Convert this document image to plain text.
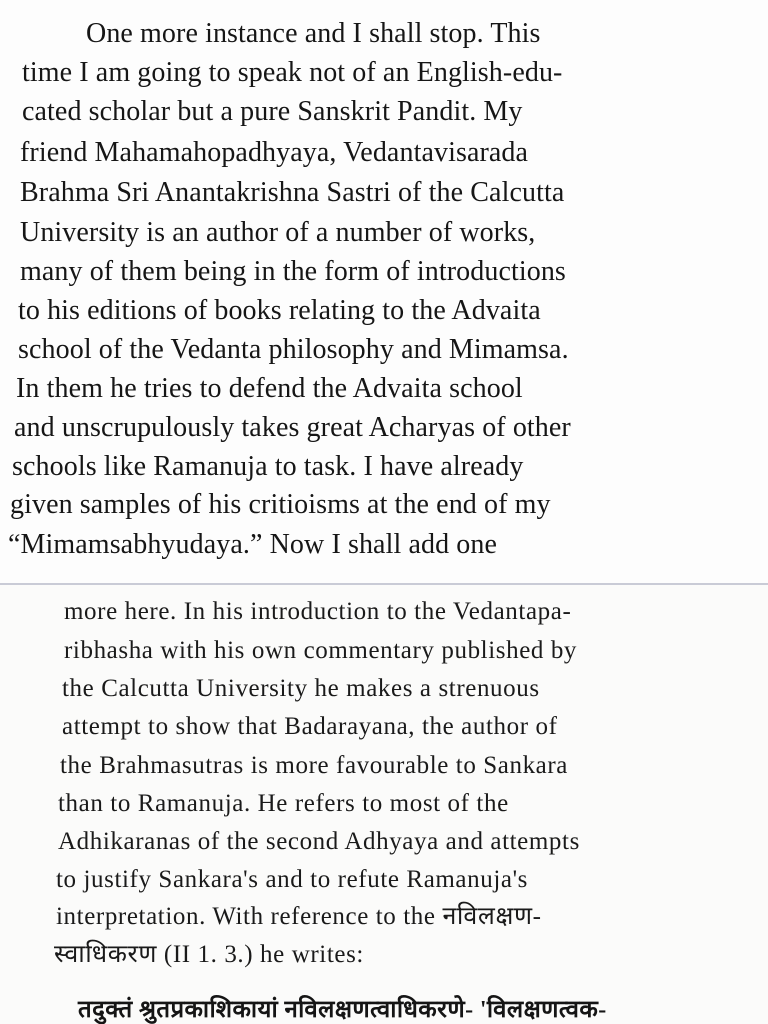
One more instance and I shall stop. This
time I am going to speak not of an English-edu-
cated scholar but a pure Sanskrit Pandit. My
friend Mahamahopadhyaya, Vedantavisarada
Brahma Sri Anantakrishna Sastri of the Calcutta
University is an author of a number of works,
many of them being in the form of introductions
to his editions of books relating to the Advaita
school of the Vedanta philosophy and Mimamsa.
In them he tries to defend the Advaita school
and unscrupulously takes great Acharyas of other
schools like Ramanuja to task. I have already
given samples of his critioisms at the end of my
“Mimamsabhyudaya.” Now I shall add one
more here. In his introduction to the Vedantapa-
ribhasha with his own commentary published by
the Calcutta University he makes a strenuous
attempt to show that Badarayana, the author of
the Brahmasutras is more favourable to Sankara
than to Ramanuja. He refers to most of the
Adhikaranas of the second Adhyaya and attempts
to justify Sankara's and to refute Ramanuja's
interpretation. With reference to the नविलक्षण-
स्वाधिकरण (II 1. 3.) he writes:
तदुक्तं श्रुतप्रकाशिकायां नविलक्षणत्वाधिकरणे- 'विलक्षणत्वक-
